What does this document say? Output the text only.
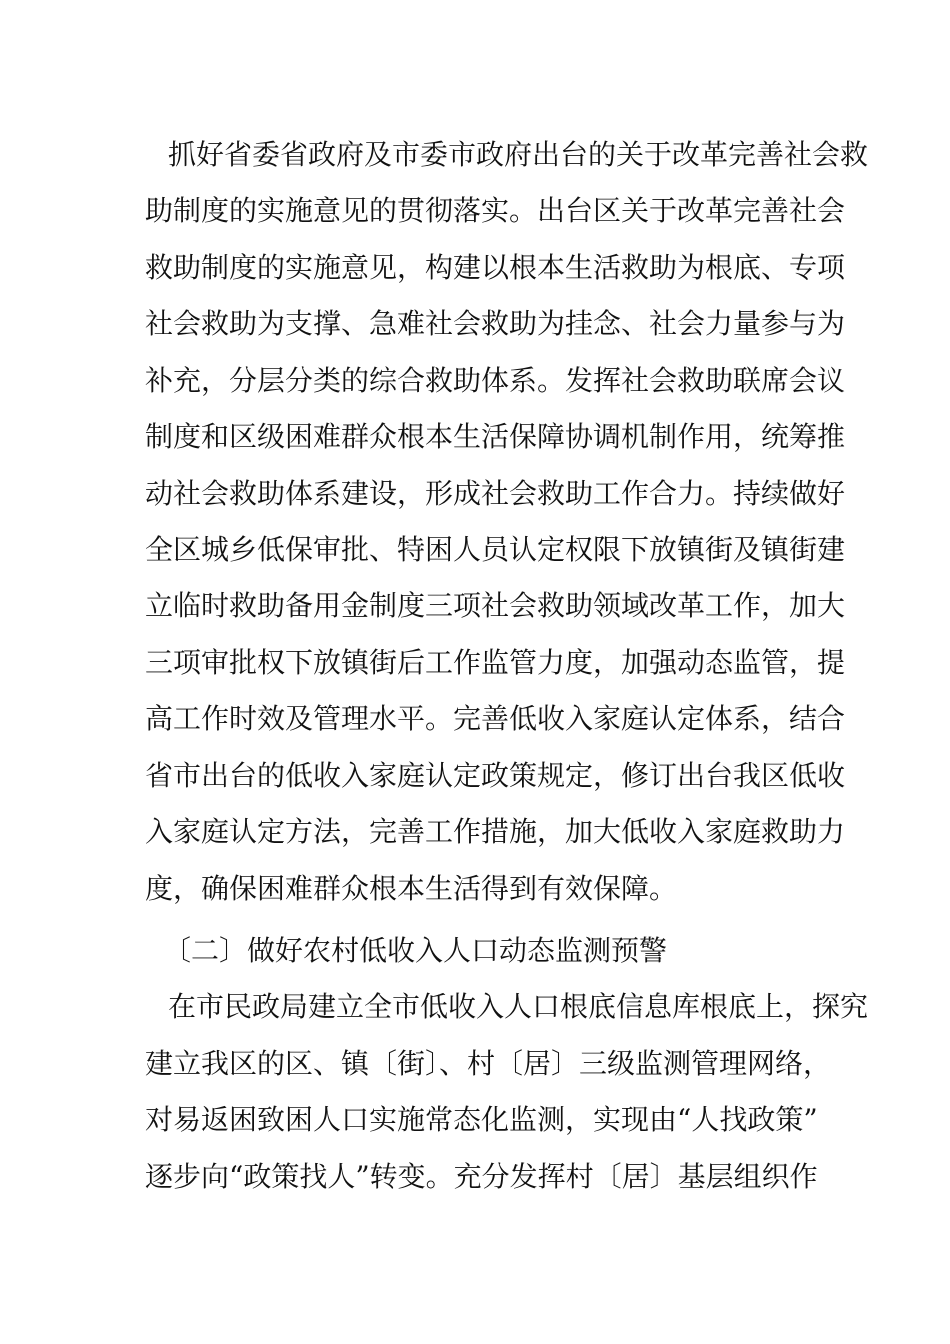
抓好省委省政府及市委市政府出台的关于改革完善社会救
助制度的实施意见的贯彻落实。出台区关于改革完善社会
救助制度的实施意见，构建以根本生活救助为根底、专项
社会救助为支撑、急难社会救助为挂念、社会力量参与为
补充，分层分类的综合救助体系。发挥社会救助联席会议
制度和区级困难群众根本生活保障协调机制作用，统筹推
动社会救助体系建设，形成社会救助工作合力。持续做好
全区城乡低保审批、特困人员认定权限下放镇街及镇街建
立临时救助备用金制度三项社会救助领域改革工作，加大
三项审批权下放镇街后工作监管力度，加强动态监管，提
高工作时效及管理水平。完善低收入家庭认定体系，结合
省市出台的低收入家庭认定政策规定，修订出台我区低收
入家庭认定方法，完善工作措施，加大低收入家庭救助力
度，确保困难群众根本生活得到有效保障。
〔二〕做好农村低收入人口动态监测预警
在市民政局建立全市低收入人口根底信息库根底上，探究
建立我区的区、镇〔街〕、村〔居〕三级监测管理网络，
对易返困致困人口实施常态化监测，实现由“人找政策”
逐步向“政策找人”转变。充分发挥村〔居〕基层组织作
